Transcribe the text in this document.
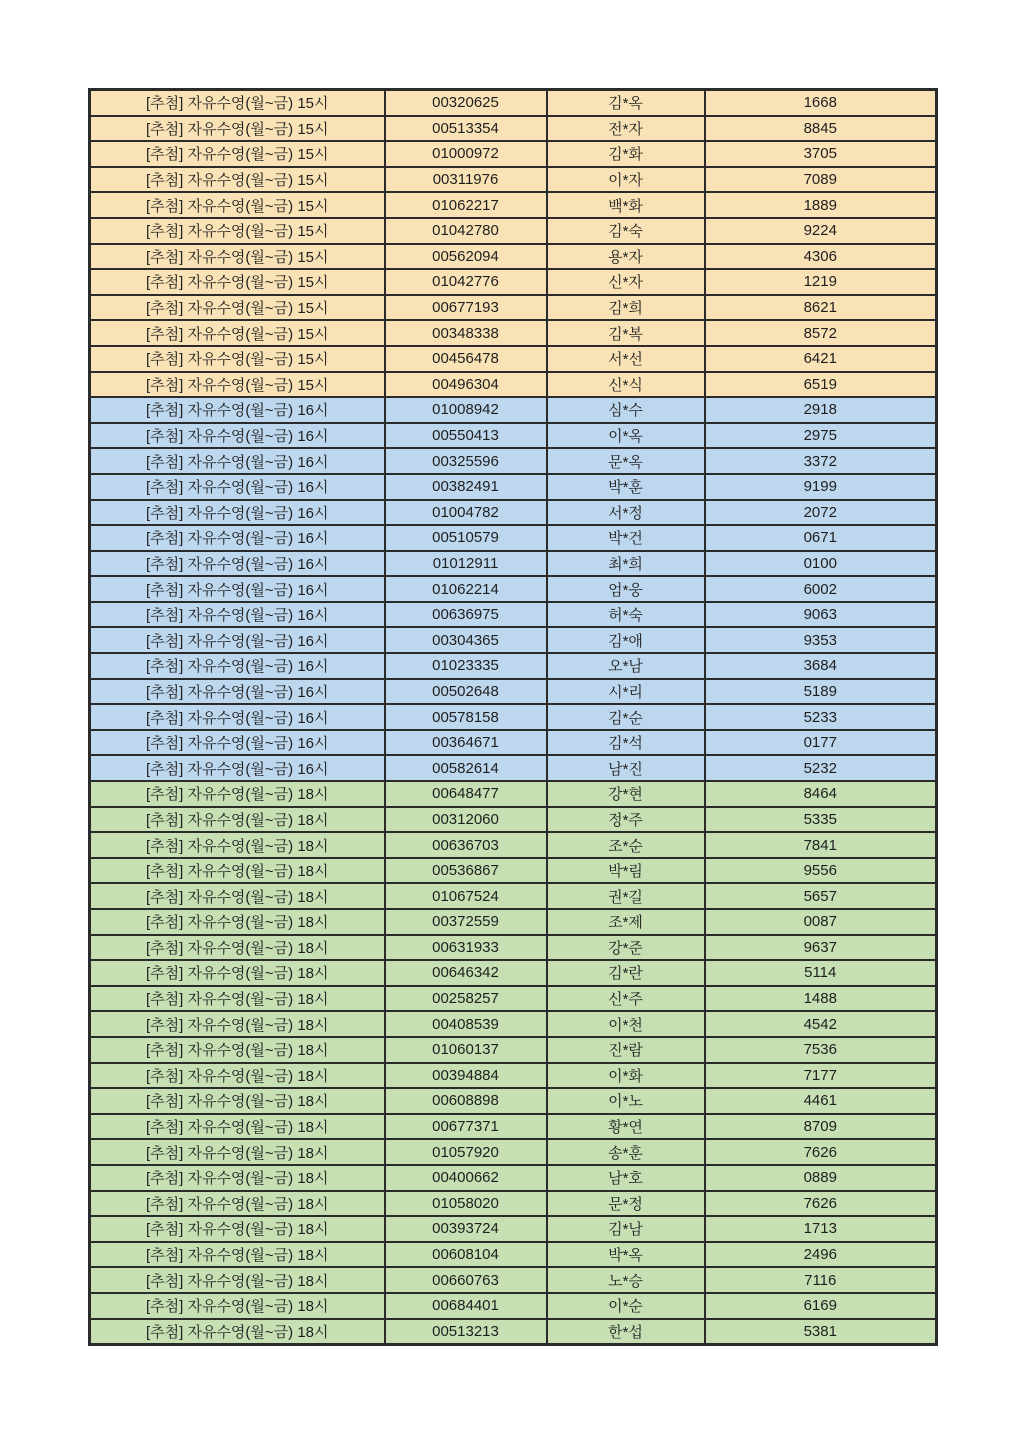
[추첨] 자유수영(월~금) 15시	00320625	김*옥	1668
[추첨] 자유수영(월~금) 15시	00513354	전*자	8845
[추첨] 자유수영(월~금) 15시	01000972	김*화	3705
[추첨] 자유수영(월~금) 15시	00311976	이*자	7089
[추첨] 자유수영(월~금) 15시	01062217	백*화	1889
[추첨] 자유수영(월~금) 15시	01042780	김*숙	9224
[추첨] 자유수영(월~금) 15시	00562094	용*자	4306
[추첨] 자유수영(월~금) 15시	01042776	신*자	1219
[추첨] 자유수영(월~금) 15시	00677193	김*희	8621
[추첨] 자유수영(월~금) 15시	00348338	김*복	8572
[추첨] 자유수영(월~금) 15시	00456478	서*선	6421
[추첨] 자유수영(월~금) 15시	00496304	신*식	6519
[추첨] 자유수영(월~금) 16시	01008942	심*수	2918
[추첨] 자유수영(월~금) 16시	00550413	이*옥	2975
[추첨] 자유수영(월~금) 16시	00325596	문*옥	3372
[추첨] 자유수영(월~금) 16시	00382491	박*훈	9199
[추첨] 자유수영(월~금) 16시	01004782	서*정	2072
[추첨] 자유수영(월~금) 16시	00510579	박*건	0671
[추첨] 자유수영(월~금) 16시	01012911	최*희	0100
[추첨] 자유수영(월~금) 16시	01062214	엄*웅	6002
[추첨] 자유수영(월~금) 16시	00636975	허*숙	9063
[추첨] 자유수영(월~금) 16시	00304365	김*애	9353
[추첨] 자유수영(월~금) 16시	01023335	오*남	3684
[추첨] 자유수영(월~금) 16시	00502648	시*리	5189
[추첨] 자유수영(월~금) 16시	00578158	김*순	5233
[추첨] 자유수영(월~금) 16시	00364671	김*석	0177
[추첨] 자유수영(월~금) 16시	00582614	남*진	5232
[추첨] 자유수영(월~금) 18시	00648477	강*현	8464
[추첨] 자유수영(월~금) 18시	00312060	정*주	5335
[추첨] 자유수영(월~금) 18시	00636703	조*순	7841
[추첨] 자유수영(월~금) 18시	00536867	박*림	9556
[추첨] 자유수영(월~금) 18시	01067524	권*길	5657
[추첨] 자유수영(월~금) 18시	00372559	조*제	0087
[추첨] 자유수영(월~금) 18시	00631933	강*준	9637
[추첨] 자유수영(월~금) 18시	00646342	김*란	5114
[추첨] 자유수영(월~금) 18시	00258257	신*주	1488
[추첨] 자유수영(월~금) 18시	00408539	이*천	4542
[추첨] 자유수영(월~금) 18시	01060137	진*람	7536
[추첨] 자유수영(월~금) 18시	00394884	이*화	7177
[추첨] 자유수영(월~금) 18시	00608898	이*노	4461
[추첨] 자유수영(월~금) 18시	00677371	황*연	8709
[추첨] 자유수영(월~금) 18시	01057920	송*훈	7626
[추첨] 자유수영(월~금) 18시	00400662	남*호	0889
[추첨] 자유수영(월~금) 18시	01058020	문*정	7626
[추첨] 자유수영(월~금) 18시	00393724	김*남	1713
[추첨] 자유수영(월~금) 18시	00608104	박*옥	2496
[추첨] 자유수영(월~금) 18시	00660763	노*승	7116
[추첨] 자유수영(월~금) 18시	00684401	이*순	6169
[추첨] 자유수영(월~금) 18시	00513213	한*섭	5381
